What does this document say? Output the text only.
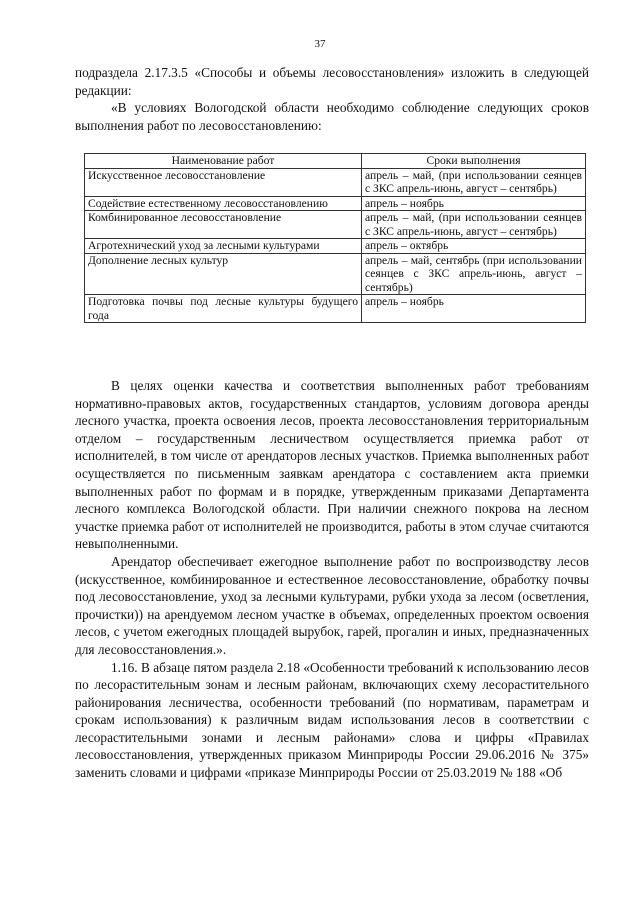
37

подраздела 2.17.3.5 «Способы и объемы лесовосстановления» изложить в следующей редакции:

«В условиях Вологодской области необходимо соблюдение следующих сроков выполнения работ по лесовосстановлению:

Наименование работ	Сроки выполнения
Искусственное лесовосстановление	апрель – май, (при использовании сеянцев с ЗКС апрель-июнь, август – сентябрь)
Содействие естественному лесовосстановлению	апрель – ноябрь
Комбинированное лесовосстановление	апрель – май, (при использовании сеянцев с ЗКС апрель-июнь, август – сентябрь)
Агротехнический уход за лесными культурами	апрель – октябрь
Дополнение лесных культур	апрель – май, сентябрь (при использовании сеянцев с ЗКС апрель-июнь, август – сентябрь)
Подготовка почвы под лесные культуры будущего года	апрель – ноябрь

В целях оценки качества и соответствия выполненных работ требованиям нормативно-правовых актов, государственных стандартов, условиям договора аренды лесного участка, проекта освоения лесов, проекта лесовосстановления территориальным отделом – государственным лесничеством осуществляется приемка работ от исполнителей, в том числе от арендаторов лесных участков. Приемка выполненных работ осуществляется по письменным заявкам арендатора с составлением акта приемки выполненных работ по формам и в порядке, утвержденным приказами Департамента лесного комплекса Вологодской области. При наличии снежного покрова на лесном участке приемка работ от исполнителей не производится, работы в этом случае считаются невыполненными.

Арендатор обеспечивает ежегодное выполнение работ по воспроизводству лесов (искусственное, комбинированное и естественное лесовосстановление, обработку почвы под лесовосстановление, уход за лесными культурами, рубки ухода за лесом (осветления, прочистки)) на арендуемом лесном участке в объемах, определенных проектом освоения лесов, с учетом ежегодных площадей вырубок, гарей, прогалин и иных, предназначенных для лесовосстановления.».

1.16. В абзаце пятом раздела 2.18 «Особенности требований к использованию лесов по лесорастительным зонам и лесным районам, включающих схему лесорастительного районирования лесничества, особенности требований (по нормативам, параметрам и срокам использования) к различным видам использования лесов в соответствии с лесорастительными зонами и лесным районами» слова и цифры «Правилах лесовосстановления, утвержденных приказом Минприроды России 29.06.2016 № 375» заменить словами и цифрами «приказе Минприроды России от 25.03.2019 № 188 «Об
